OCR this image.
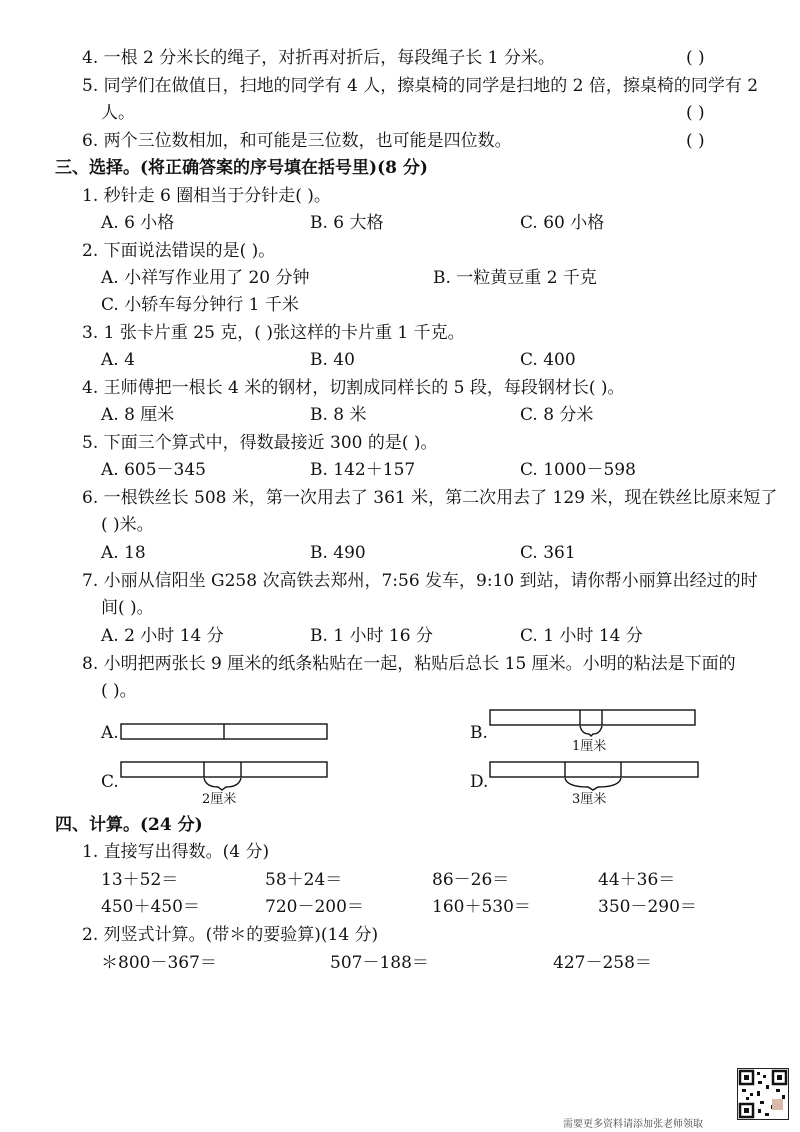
4. 一根 2 分米长的绳子，对折再对折后，每段绳子长 1 分米。	( )
5. 同学们在做值日，扫地的同学有 4 人，擦桌椅的同学是扫地的 2 倍，擦桌椅的同学有 2
人。	( )
6. 两个三位数相加，和可能是三位数，也可能是四位数。	( )
三、选择。(将正确答案的序号填在括号里)(8 分)
1. 秒针走 6 圈相当于分针走( )。
A. 6 小格	B. 6 大格	C. 60 小格
2. 下面说法错误的是( )。
A. 小祥写作业用了 20 分钟	B. 一粒黄豆重 2 千克
C. 小轿车每分钟行 1 千米
3. 1 张卡片重 25 克，( )张这样的卡片重 1 千克。
A. 4	B. 40	C. 400
4. 王师傅把一根长 4 米的钢材，切割成同样长的 5 段，每段钢材长( )。
A. 8 厘米	B. 8 米	C. 8 分米
5. 下面三个算式中，得数最接近 300 的是( )。
A. 605－345	B. 142＋157	C. 1000－598
6. 一根铁丝长 508 米，第一次用去了 361 米，第二次用去了 129 米，现在铁丝比原来短了
( )米。
A. 18	B. 490	C. 361
7. 小丽从信阳坐 G258 次高铁去郑州，7:56 发车，9:10 到站，请你帮小丽算出经过的时
间( )。
A. 2 小时 14 分	B. 1 小时 16 分	C. 1 小时 14 分
8. 小明把两张长 9 厘米的纸条粘贴在一起，粘贴后总长 15 厘米。小明的粘法是下面的
( )。
A.	B.
C.	D.
1厘米
2厘米	3厘米
四、计算。(24 分)
1. 直接写出得数。(4 分)
13＋52＝	58＋24＝	86－26＝	44＋36＝
450＋450＝	720－200＝	160＋530＝	350－290＝
2. 列竖式计算。(带＊的要验算)(14 分)
＊800－367＝	507－188＝	427－258＝
需要更多资料请添加张老师领取
